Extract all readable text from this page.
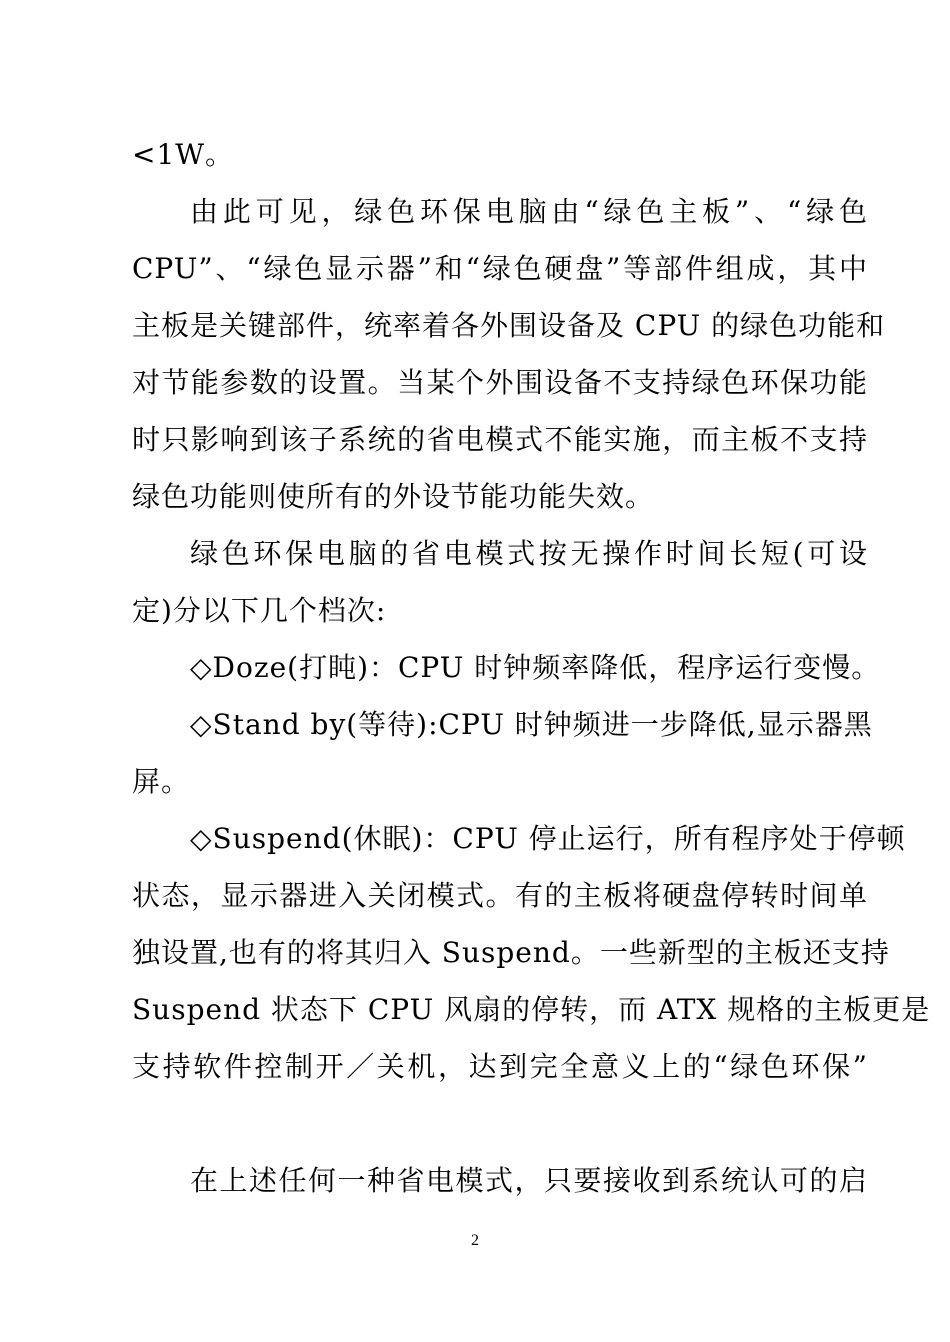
<1W。
由此可见，绿色环保电脑由“绿色主板”、“绿色
CPU”、“绿色显示器”和“绿色硬盘”等部件组成，其中
主板是关键部件，统率着各外围设备及 CPU 的绿色功能和
对节能参数的设置。当某个外围设备不支持绿色环保功能
时只影响到该子系统的省电模式不能实施，而主板不支持
绿色功能则使所有的外设节能功能失效。
绿色环保电脑的省电模式按无操作时间长短(可设
定)分以下几个档次:
◇Doze(打盹)：CPU 时钟频率降低，程序运行变慢。
◇Stand by(等待):CPU 时钟频进一步降低,显示器黑
屏。
◇Suspend(休眠)：CPU 停止运行，所有程序处于停顿
状态，显示器进入关闭模式。有的主板将硬盘停转时间单
独设置,也有的将其归入 Suspend。一些新型的主板还支持
Suspend 状态下 CPU 风扇的停转，而 ATX 规格的主板更是
支持软件控制开／关机，达到完全意义上的“绿色环保”
在上述任何一种省电模式，只要接收到系统认可的启
2
